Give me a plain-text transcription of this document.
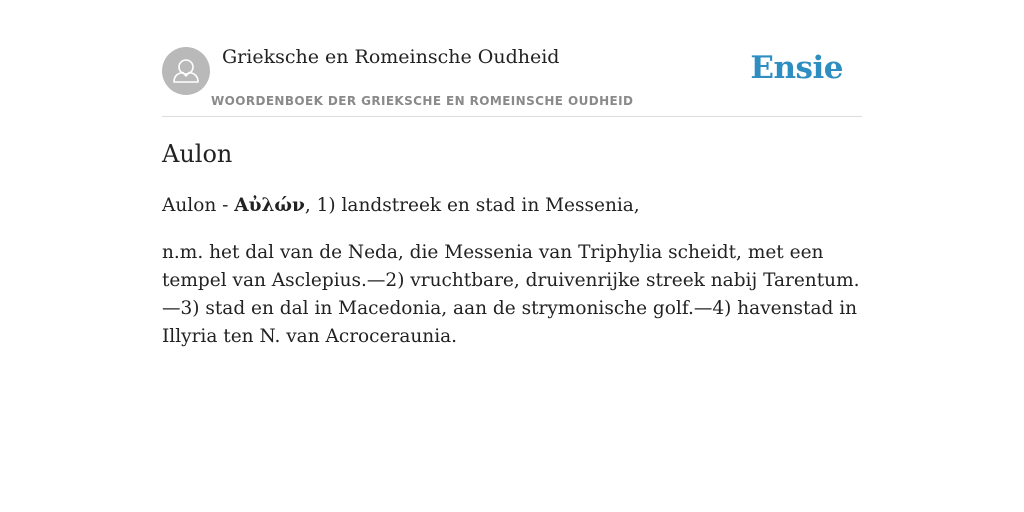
Grieksche en Romeinsche Oudheid
WOORDENBOEK DER GRIEKSCHE EN ROMEINSCHE OUDHEID
Ensie
Aulon

Aulon - Αὐλών, 1) landstreek en stad in Messenia,

n.m. het dal van de Neda, die Messenia van Triphylia scheidt, met een tempel van Asclepius.—2) vruchtbare, druivenrijke streek nabij Tarentum.—3) stad en dal in Macedonia, aan de strymonische golf.—4) havenstad in Illyria ten N. van Acroceraunia.
